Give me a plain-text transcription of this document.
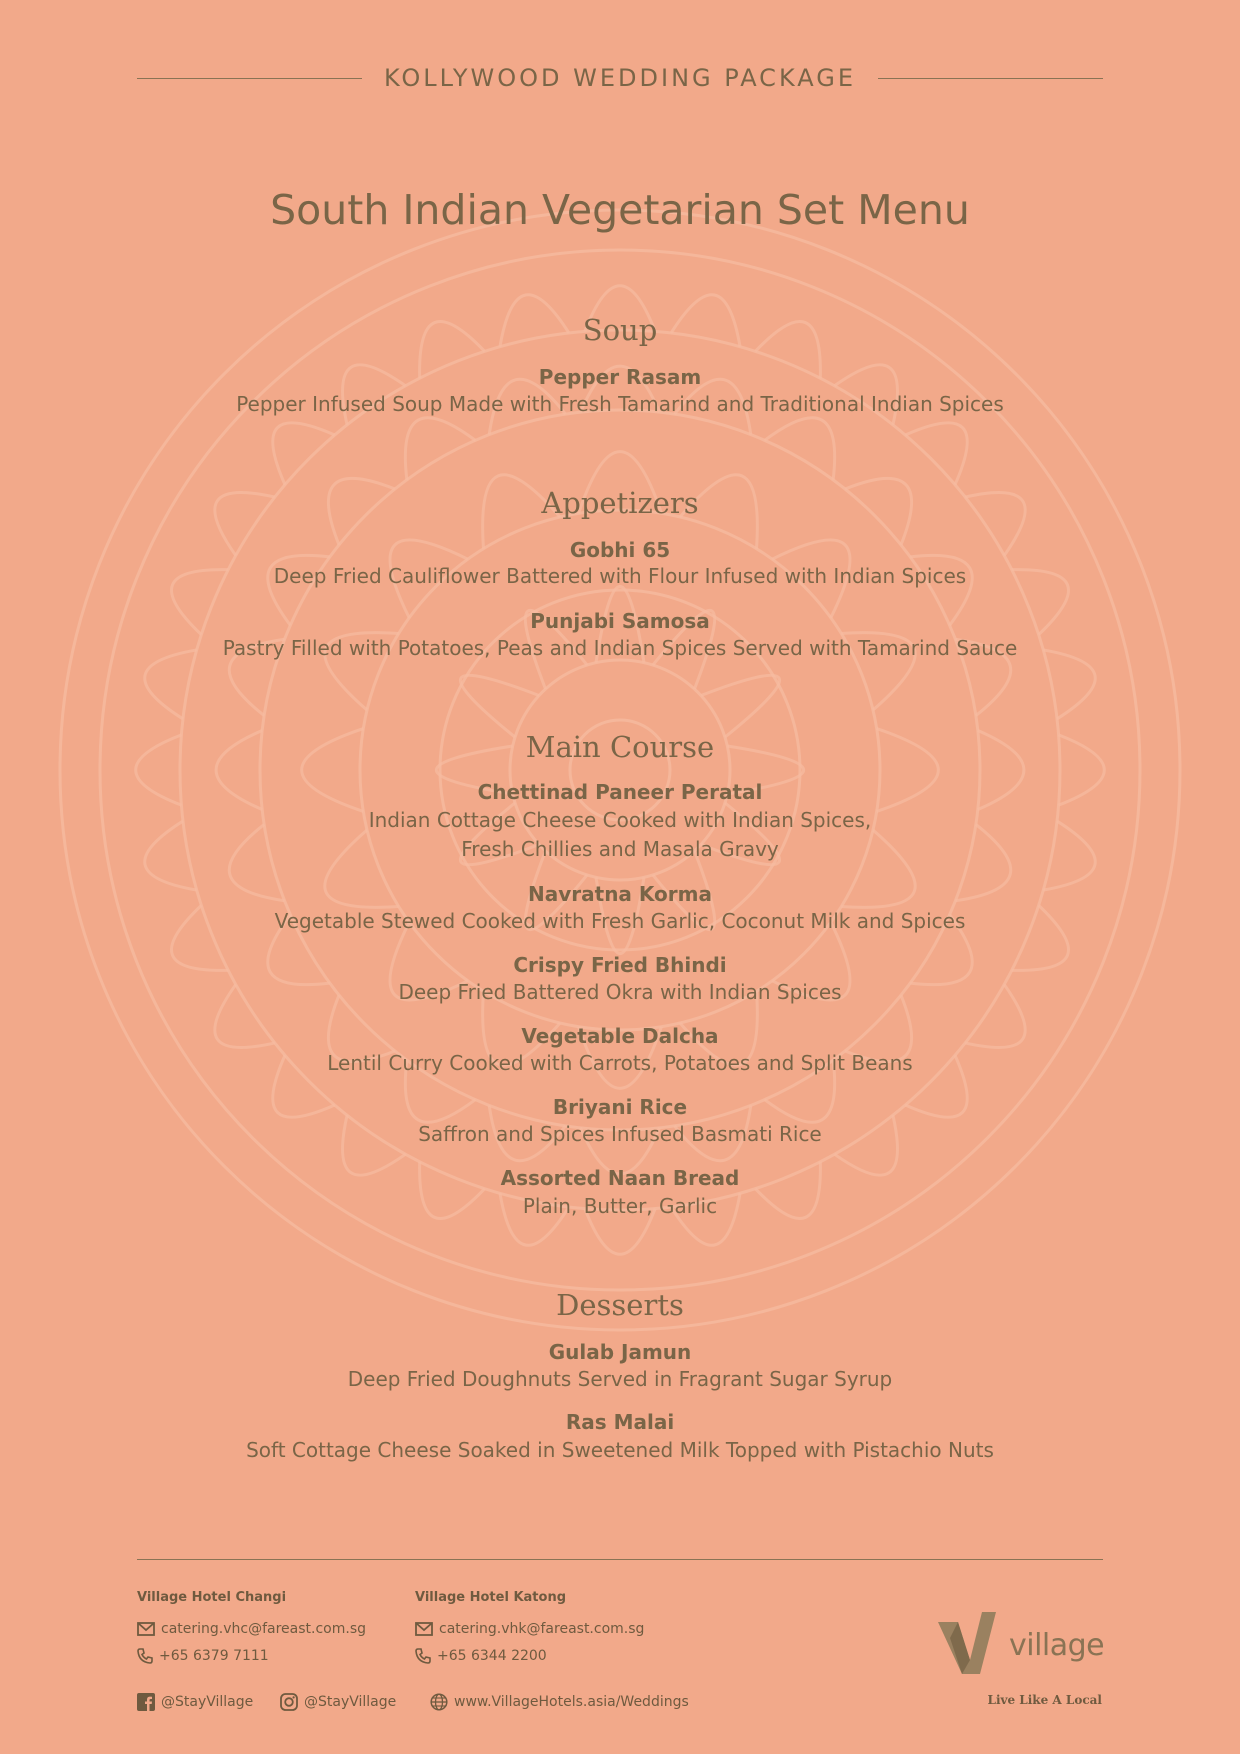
KOLLYWOOD WEDDING PACKAGE
South Indian Vegetarian Set Menu
Soup
Pepper Rasam
Pepper Infused Soup Made with Fresh Tamarind and Traditional Indian Spices
Appetizers
Gobhi 65
Deep Fried Cauliflower Battered with Flour Infused with Indian Spices
Punjabi Samosa
Pastry Filled with Potatoes, Peas and Indian Spices Served with Tamarind Sauce
Main Course
Chettinad Paneer Peratal
Indian Cottage Cheese Cooked with Indian Spices,
Fresh Chillies and Masala Gravy
Navratna Korma
Vegetable Stewed Cooked with Fresh Garlic, Coconut Milk and Spices
Crispy Fried Bhindi
Deep Fried Battered Okra with Indian Spices
Vegetable Dalcha
Lentil Curry Cooked with Carrots, Potatoes and Split Beans
Briyani Rice
Saffron and Spices Infused Basmati Rice
Assorted Naan Bread
Plain, Butter, Garlic
Desserts
Gulab Jamun
Deep Fried Doughnuts Served in Fragrant Sugar Syrup
Ras Malai
Soft Cottage Cheese Soaked in Sweetened Milk Topped with Pistachio Nuts
Village Hotel Changi
catering.vhc@fareast.com.sg
+65 6379 7111
Village Hotel Katong
catering.vhk@fareast.com.sg
+65 6344 2200
@StayVillage	@StayVillage	www.VillageHotels.asia/Weddings
village
Live Like A Local
